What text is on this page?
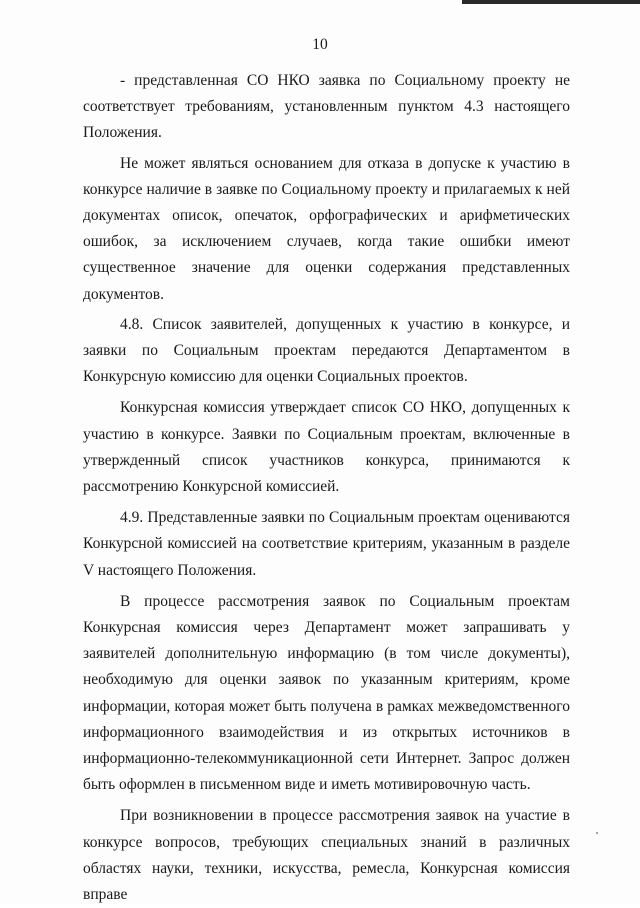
10

- представленная СО НКО заявка по Социальному проекту не соответствует требованиям, установленным пунктом 4.3 настоящего Положения.

Не может являться основанием для отказа в допуске к участию в конкурсе наличие в заявке по Социальному проекту и прилагаемых к ней документах описок, опечаток, орфографических и арифметических ошибок, за исключением случаев, когда такие ошибки имеют существенное значение для оценки содержания представленных документов.

4.8. Список заявителей, допущенных к участию в конкурсе, и заявки по Социальным проектам передаются Департаментом в Конкурсную комиссию для оценки Социальных проектов.

Конкурсная комиссия утверждает список СО НКО, допущенных к участию в конкурсе. Заявки по Социальным проектам, включенные в утвержденный список участников конкурса, принимаются к рассмотрению Конкурсной комиссией.

4.9. Представленные заявки по Социальным проектам оцениваются Конкурсной комиссией на соответствие критериям, указанным в разделе V настоящего Положения.

В процессе рассмотрения заявок по Социальным проектам Конкурсная комиссия через Департамент может запрашивать у заявителей дополнительную информацию (в том числе документы), необходимую для оценки заявок по указанным критериям, кроме информации, которая может быть получена в рамках межведомственного информационного взаимодействия и из открытых источников в информационно-телекоммуникационной сети Интернет. Запрос должен быть оформлен в письменном виде и иметь мотивировочную часть.

При возникновении в процессе рассмотрения заявок на участие в конкурсе вопросов, требующих специальных знаний в различных областях науки, техники, искусства, ремесла, Конкурсная комиссия вправе
